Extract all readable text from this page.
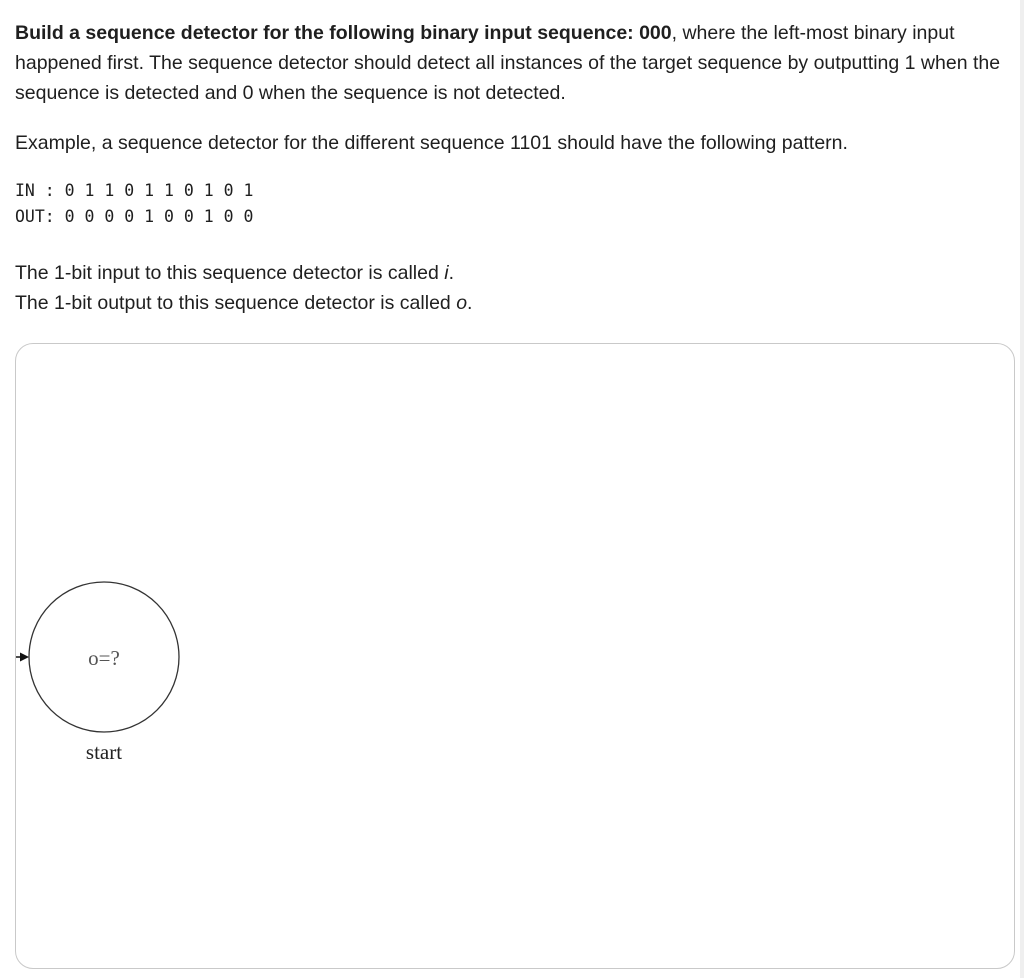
Build a sequence detector for the following binary input sequence: 000, where the left-most binary input happened first. The sequence detector should detect all instances of the target sequence by outputting 1 when the sequence is detected and 0 when the sequence is not detected.

Example, a sequence detector for the different sequence 1101 should have the following pattern.

IN : 0 1 1 0 1 1 0 1 0 1
OUT: 0 0 0 0 1 0 0 1 0 0

The 1-bit input to this sequence detector is called i.

The 1-bit output to this sequence detector is called o.

o=?
start
